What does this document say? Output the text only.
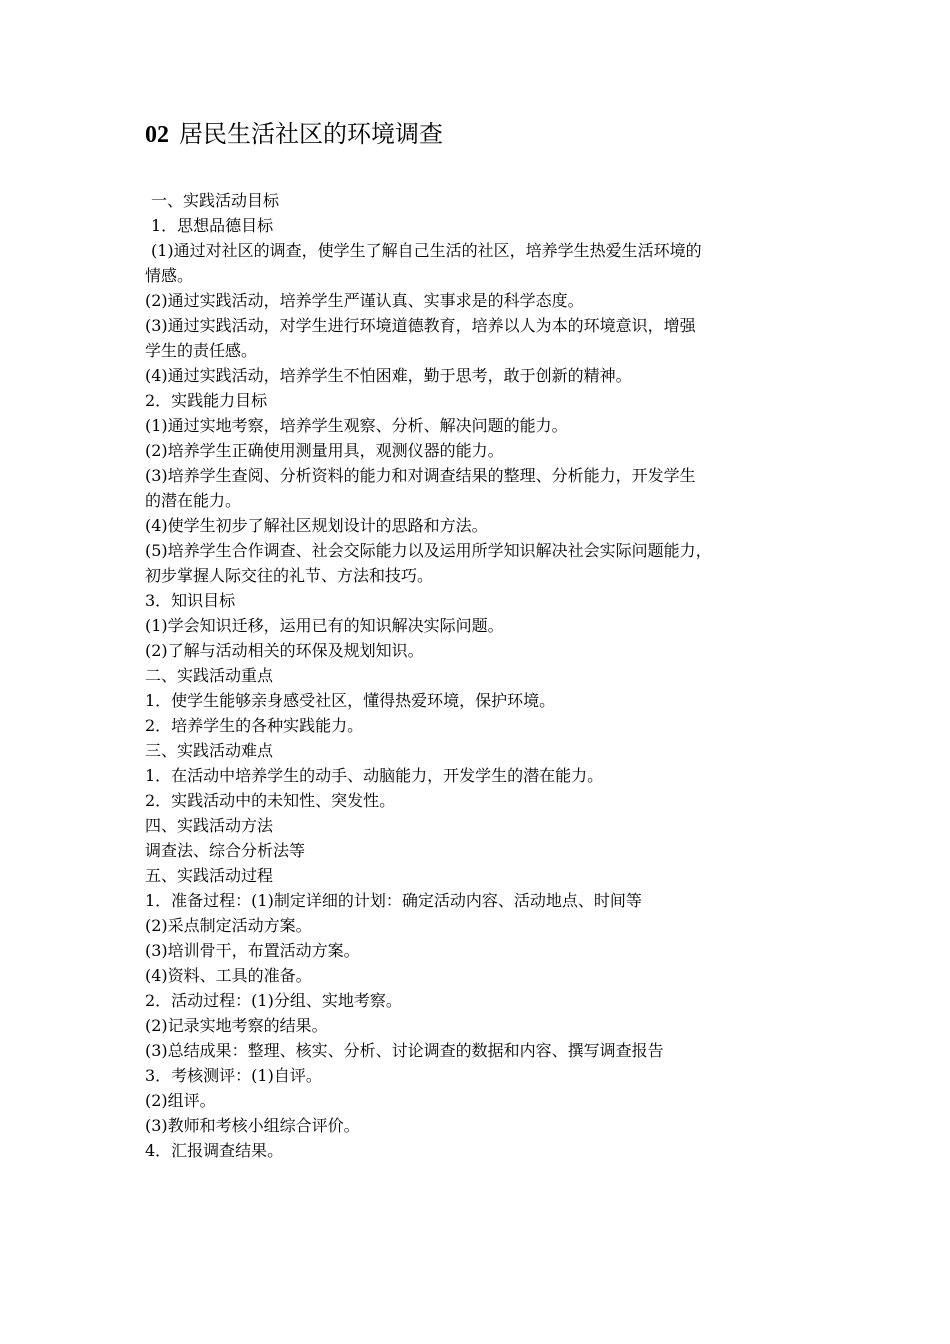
02 居民生活社区的环境调查
一、实践活动目标
1．思想品德目标
(1)通过对社区的调查，使学生了解自己生活的社区，培养学生热爱生活环境的
情感。
(2)通过实践活动，培养学生严谨认真、实事求是的科学态度。
(3)通过实践活动，对学生进行环境道德教育，培养以人为本的环境意识，增强
学生的责任感。
(4)通过实践活动，培养学生不怕困难，勤于思考，敢于创新的精神。
2．实践能力目标
(1)通过实地考察，培养学生观察、分析、解决问题的能力。
(2)培养学生正确使用测量用具，观测仪器的能力。
(3)培养学生查阅、分析资料的能力和对调查结果的整理、分析能力，开发学生
的潜在能力。
(4)使学生初步了解社区规划设计的思路和方法。
(5)培养学生合作调查、社会交际能力以及运用所学知识解决社会实际问题能力，
初步掌握人际交往的礼节、方法和技巧。
3．知识目标
(1)学会知识迁移，运用已有的知识解决实际问题。
(2)了解与活动相关的环保及规划知识。
二、实践活动重点
1．使学生能够亲身感受社区，懂得热爱环境，保护环境。
2．培养学生的各种实践能力。
三、实践活动难点
1．在活动中培养学生的动手、动脑能力，开发学生的潜在能力。
2．实践活动中的未知性、突发性。
四、实践活动方法
调查法、综合分析法等
五、实践活动过程
1．准备过程：(1)制定详细的计划：确定活动内容、活动地点、时间等
(2)采点制定活动方案。
(3)培训骨干，布置活动方案。
(4)资料、工具的准备。
2．活动过程：(1)分组、实地考察。
(2)记录实地考察的结果。
(3)总结成果：整理、核实、分析、讨论调查的数据和内容、撰写调查报告
3．考核测评：(1)自评。
(2)组评。
(3)教师和考核小组综合评价。
4．汇报调查结果。
